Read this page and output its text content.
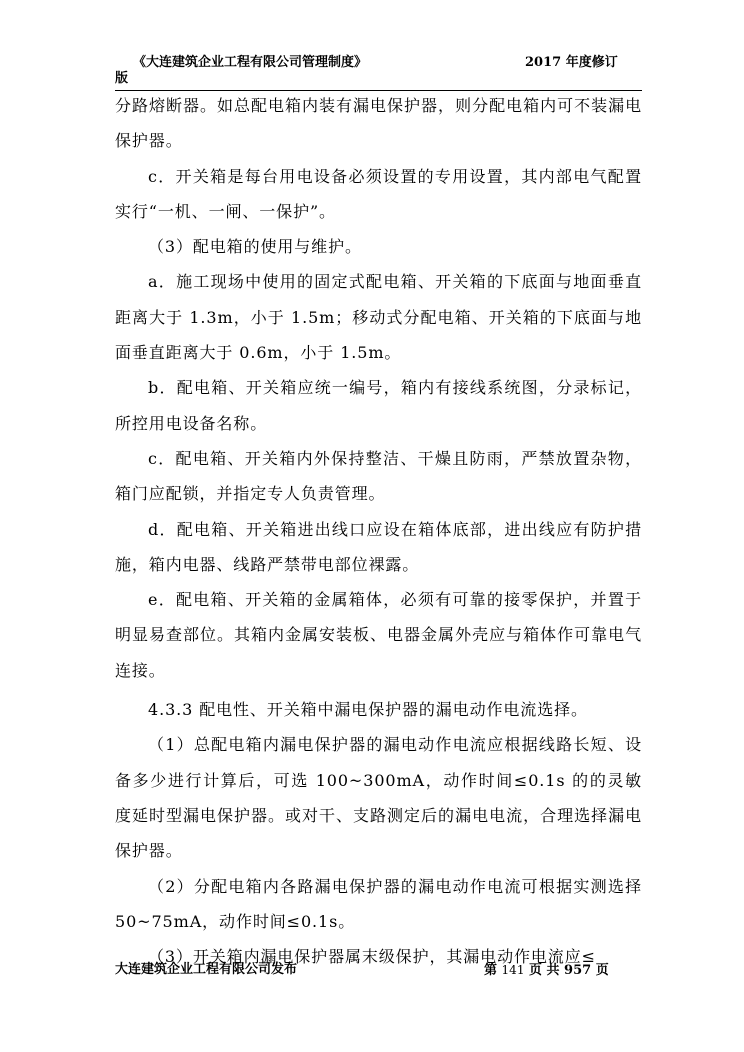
《大连建筑企业工程有限公司管理制度》	2017 年度修订
版

分路熔断器。如总配电箱内装有漏电保护器，则分配电箱内可不装漏电保护器。

c．开关箱是每台用电设备必须设置的专用设置，其内部电气配置实行“一机、一闸、一保护”。

（3）配电箱的使用与维护。

a．施工现场中使用的固定式配电箱、开关箱的下底面与地面垂直距离大于 1.3m，小于 1.5m；移动式分配电箱、开关箱的下底面与地面垂直距离大于 0.6m，小于 1.5m。

b．配电箱、开关箱应统一编号，箱内有接线系统图，分录标记，所控用电设备名称。

c．配电箱、开关箱内外保持整洁、干燥且防雨，严禁放置杂物，箱门应配锁，并指定专人负责管理。

d．配电箱、开关箱进出线口应设在箱体底部，进出线应有防护措施，箱内电器、线路严禁带电部位裸露。

e．配电箱、开关箱的金属箱体，必须有可靠的接零保护，并置于明显易查部位。其箱内金属安装板、电器金属外壳应与箱体作可靠电气连接。

4.3.3 配电性、开关箱中漏电保护器的漏电动作电流选择。

（1）总配电箱内漏电保护器的漏电动作电流应根据线路长短、设备多少进行计算后，可选 100~300mA，动作时间≤0.1s 的的灵敏度延时型漏电保护器。或对干、支路测定后的漏电电流，合理选择漏电保护器。

（2）分配电箱内各路漏电保护器的漏电动作电流可根据实测选择 50~75mA，动作时间≤0.1s。

（3）开关箱内漏电保护器属末级保护，其漏电动作电流应≤

大连建筑企业工程有限公司发布	第 141 页 共 957 页
